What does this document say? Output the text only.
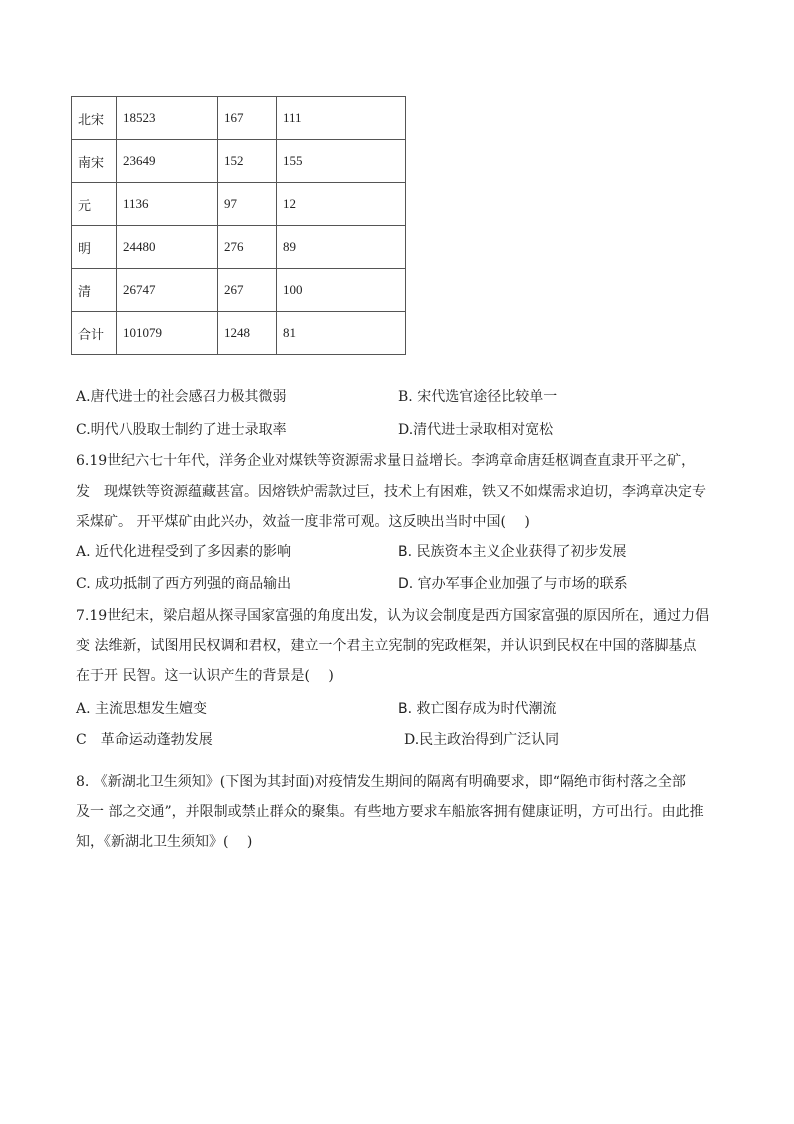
北宋	18523	167	111
南宋	23649	152	155
元	1136	97	12
明	24480	276	89
清	26747	267	100
合计	101079	1248	81
A.唐代进士的社会感召力极其微弱	B. 宋代选官途径比较单一
C.明代八股取士制约了进士录取率	D.清代进士录取相对宽松
6.19世纪六七十年代，洋务企业对煤铁等资源需求量日益增长。李鸿章命唐廷枢调查直隶开平之矿，
发　现煤铁等资源蕴藏甚富。因熔铁炉需款过巨，技术上有困难，铁又不如煤需求迫切，李鸿章决定专
采煤矿。 开平煤矿由此兴办，效益一度非常可观。这反映出当时中国(　 )
A. 近代化进程受到了多因素的影响	B. 民族资本主义企业获得了初步发展
C. 成功抵制了西方列强的商品输出	D. 官办军事企业加强了与市场的联系
7.19世纪末，梁启超从探寻国家富强的角度出发，认为议会制度是西方国家富强的原因所在，通过力倡
变 法维新，试图用民权调和君权，建立一个君主立宪制的宪政框架，并认识到民权在中国的落脚基点
在于开 民智。这一认识产生的背景是(　 )
A. 主流思想发生嬗变	B. 救亡图存成为时代潮流
C　革命运动蓬勃发展	D.民主政治得到广泛认同
8. 《新湖北卫生须知》(下图为其封面)对疫情发生期间的隔离有明确要求，即“隔绝市街村落之全部
及一 部之交通”，并限制或禁止群众的聚集。有些地方要求车船旅客拥有健康证明，方可出行。由此推
知，《新湖北卫生须知》(　 )
